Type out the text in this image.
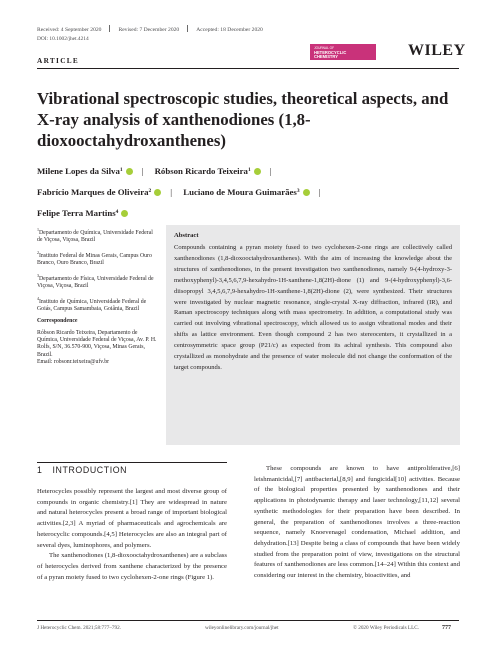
Received: 4 September 2020	Revised: 7 December 2020	Accepted: 18 December 2020
DOI: 10.1002/jhet.4214
ARTICLE
JOURNAL OF
HETEROCYCLIC
CHEMISTRY	WILEY
Vibrational spectroscopic studies, theoretical aspects, and X-ray analysis of xanthenodiones (1,8-dioxooctahydroxanthenes)
Milene Lopes da Silva$^1$ | Róbson Ricardo Teixeira$^1$ |
Fabrício Marques de Oliveira$^2$ | Luciano de Moura Guimarães$^3$ |
Felipe Terra Martins$^4$

$^1$Departamento de Química, Universidade Federal de Viçosa, Viçosa, Brazil

$^2$Instituto Federal de Minas Gerais, Campus Ouro Branco, Ouro Branco, Brazil

$^3$Departamento de Física, Universidade Federal de Viçosa, Viçosa, Brazil

$^4$Instituto de Química, Universidade Federal de Goiás, Campus Samambaia, Goiânia, Brazil

Correspondence

Róbson Ricardo Teixeira, Departamento de Química, Universidade Federal de Viçosa, Av. P. H. Rolfs, S/N, 36.570-900, Viçosa, Minas Gerais, Brazil.
Email: robsonr.teixeira@ufv.br

Abstract
Compounds containing a pyran moiety fused to two cyclohexen-2-one rings are collectively called xanthenodiones (1,8-dioxooctahydroxanthenes). With the aim of increasing the knowledge about the structures of xanthenodiones, in the present investigation two xanthenodiones, namely 9-(4-hydroxy-3-methoxyphenyl)-3,4,5,6,7,9-hexahydro-1H-xanthene-1,8(2H)-dione (1) and 9-(4-hydroxyphenyl)-3,6-diisopropyl 3,4,5,6,7,9-hexahydro-1H-xanthene-1,8(2H)-dione (2), were synthesized. Their structures were investigated by nuclear magnetic resonance, single-crystal X-ray diffraction, infrared (IR), and Raman spectroscopy techniques along with mass spectrometry. In addition, a computational study was carried out involving vibrational spectroscopy, which allowed us to assign vibrational modes and their shifts as lattice environment. Even though compound 2 has two stereocenters, it crystallized in a centrosymmetric space group (P21/c) as expected from its achiral synthesis. This compound also crystallized as monohydrate and the presence of water molecule did not change the conformation of the target compounds.
1 INTRODUCTION

Heterocycles possibly represent the largest and most diverse group of compounds in organic chemistry.[1] They are widespread in nature and natural heterocycles present a broad range of important biological activities.[2,3] A myriad of pharmaceuticals and agrochemicals are heterocyclic compounds.[4,5] Heterocycles are also an integral part of several dyes, luminophores, and polymers.

The xanthenodiones (1,8-dioxooctahydroxanthenes) are a subclass of heterocycles derived from xanthene characterized by the presence of a pyran moiety fused to two cyclohexen-2-one rings (Figure 1).

These compounds are known to have antiproliferative,[6] leishmanicidal,[7] antibacterial,[8,9] and fungicidal[10] activities. Because of the biological properties presented by xanthenodiones and their applications in photodynamic therapy and laser technology,[11,12] several synthetic methodologies for their preparation have been described. In general, the preparation of xanthenodiones involves a three-reaction sequence, namely Knoevenagel condensation, Michael addition, and dehydration.[13] Despite being a class of compounds that have been widely studied from the preparation point of view, investigations on the structural features of xanthenodiones are less common.[14–24] Within this context and considering our interest in the chemistry, bioactivities, and

J Heterocyclic Chem. 2021;58:777–792.	wileyonlinelibrary.com/journal/jhet	© 2020 Wiley Periodicals LLC.	777
